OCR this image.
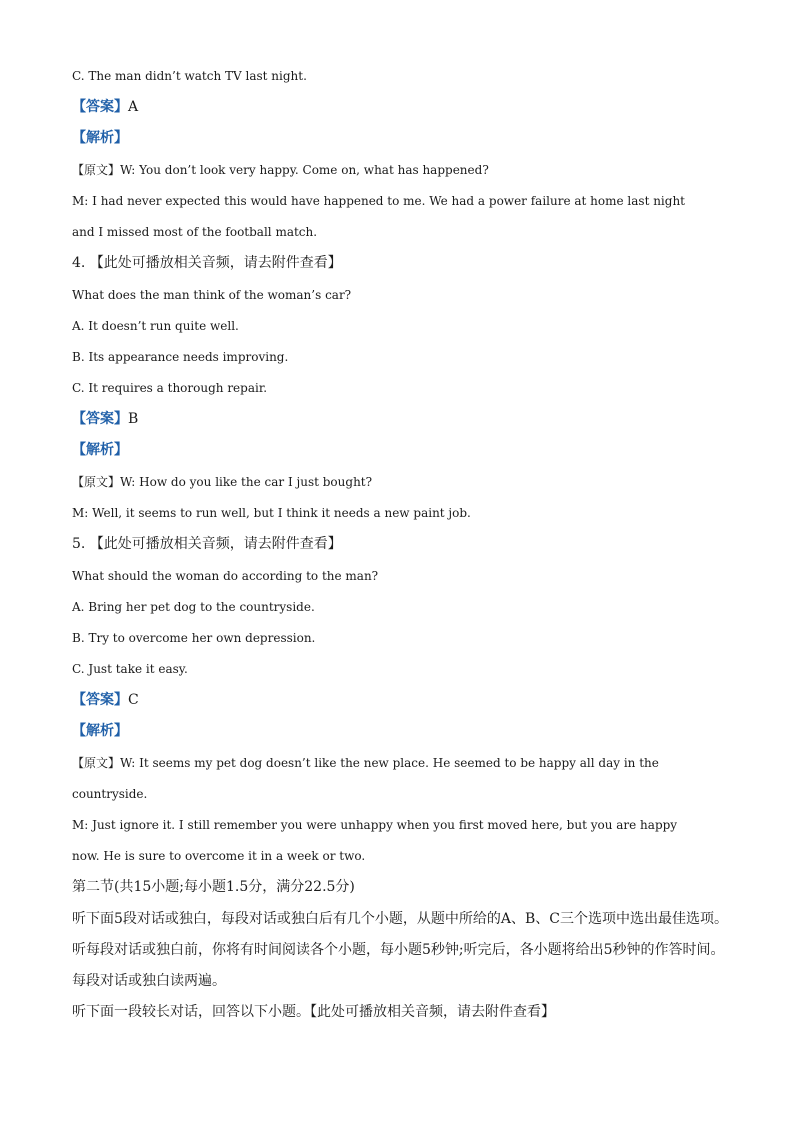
C. The man didn’t watch TV last night.
【答案】A
【解析】
【原文】W: You don’t look very happy. Come on, what has happened?
M: I had never expected this would have happened to me. We had a power failure at home last night
and I missed most of the football match.
4. 【此处可播放相关音频，请去附件查看】
What does the man think of the woman’s car?
A. It doesn’t run quite well.
B. Its appearance needs improving.
C. It requires a thorough repair.
【答案】B
【解析】
【原文】W: How do you like the car I just bought?
M: Well, it seems to run well, but I think it needs a new paint job.
5. 【此处可播放相关音频，请去附件查看】
What should the woman do according to the man?
A. Bring her pet dog to the countryside.
B. Try to overcome her own depression.
C. Just take it easy.
【答案】C
【解析】
【原文】W: It seems my pet dog doesn’t like the new place. He seemed to be happy all day in the
countryside.
M: Just ignore it. I still remember you were unhappy when you first moved here, but you are happy
now. He is sure to overcome it in a week or two.
第二节(共15小题;每小题1.5分，满分22.5分)
听下面5段对话或独白，每段对话或独白后有几个小题，从题中所给的A、B、C三个选项中选出最佳选项。
听每段对话或独白前，你将有时间阅读各个小题，每小题5秒钟;听完后，各小题将给出5秒钟的作答时间。
每段对话或独白读两遍。
听下面一段较长对话，回答以下小题。【此处可播放相关音频，请去附件查看】
